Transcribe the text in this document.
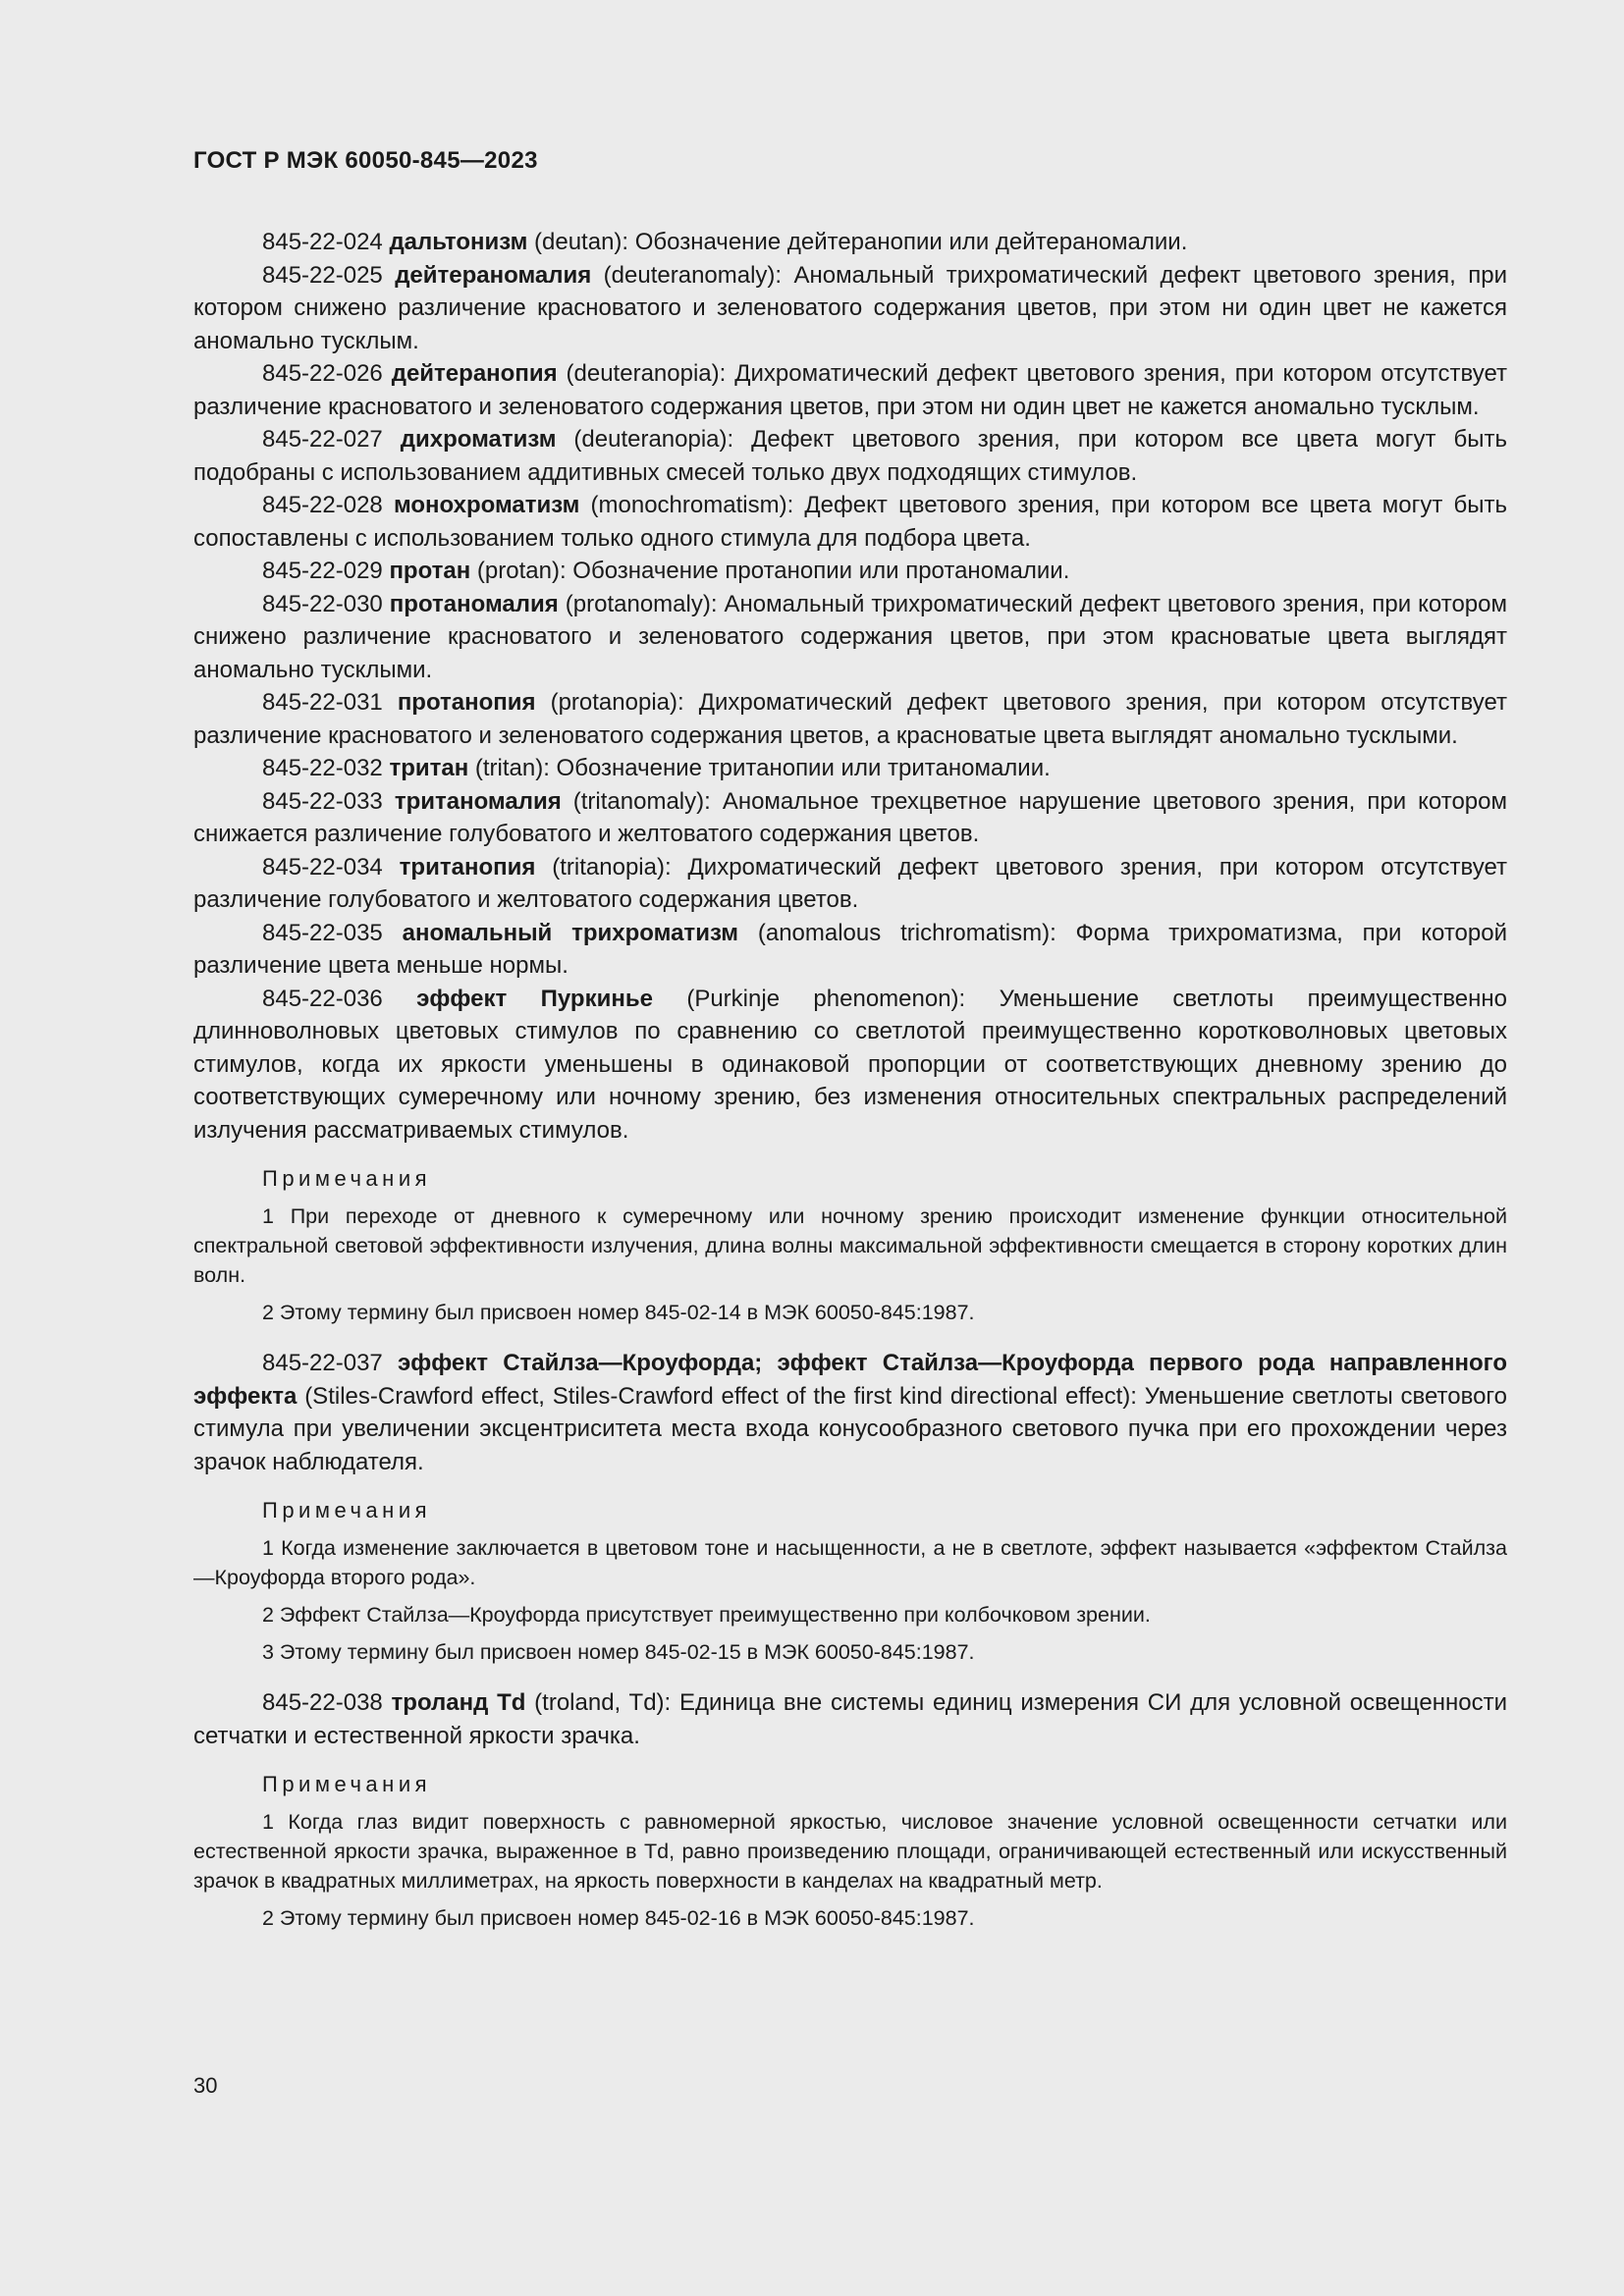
ГОСТ Р МЭК 60050-845—2023

845-22-024 дальтонизм (deutan): Обозначение дейтеранопии или дейтераномалии.

845-22-025 дейтераномалия (deuteranomaly): Аномальный трихроматический дефект цветового зрения, при котором снижено различение красноватого и зеленоватого содержания цветов, при этом ни один цвет не кажется аномально тусклым.

845-22-026 дейтеранопия (deuteranopia): Дихроматический дефект цветового зрения, при котором отсутствует различение красноватого и зеленоватого содержания цветов, при этом ни один цвет не кажется аномально тусклым.

845-22-027 дихроматизм (deuteranopia): Дефект цветового зрения, при котором все цвета могут быть подобраны с использованием аддитивных смесей только двух подходящих стимулов.

845-22-028 монохроматизм (monochromatism): Дефект цветового зрения, при котором все цвета могут быть сопоставлены с использованием только одного стимула для подбора цвета.

845-22-029 протан (protan): Обозначение протанопии или протаномалии.

845-22-030 протаномалия (protanomaly): Аномальный трихроматический дефект цветового зрения, при котором снижено различение красноватого и зеленоватого содержания цветов, при этом красноватые цвета выглядят аномально тусклыми.

845-22-031 протанопия (protanopia): Дихроматический дефект цветового зрения, при котором отсутствует различение красноватого и зеленоватого содержания цветов, а красноватые цвета выглядят аномально тусклыми.

845-22-032 тритан (tritan): Обозначение тританопии или тританомалии.

845-22-033 тританомалия (tritanomaly): Аномальное трехцветное нарушение цветового зрения, при котором снижается различение голубоватого и желтоватого содержания цветов.

845-22-034 тританопия (tritanopia): Дихроматический дефект цветового зрения, при котором отсутствует различение голубоватого и желтоватого содержания цветов.

845-22-035 аномальный трихроматизм (anomalous trichromatism): Форма трихроматизма, при которой различение цвета меньше нормы.

845-22-036 эффект Пуркинье (Purkinje phenomenon): Уменьшение светлоты преимущественно длинноволновых цветовых стимулов по сравнению со светлотой преимущественно коротковолновых цветовых стимулов, когда их яркости уменьшены в одинаковой пропорции от соответствующих дневному зрению до соответствующих сумеречному или ночному зрению, без изменения относительных спектральных распределений излучения рассматриваемых стимулов.

Примечания

1 При переходе от дневного к сумеречному или ночному зрению происходит изменение функции относительной спектральной световой эффективности излучения, длина волны максимальной эффективности смещается в сторону коротких длин волн.

2 Этому термину был присвоен номер 845-02-14 в МЭК 60050-845:1987.

845-22-037 эффект Стайлза—Кроуфорда; эффект Стайлза—Кроуфорда первого рода направленного эффекта (Stiles-Crawford effect, Stiles-Crawford effect of the first kind directional effect): Уменьшение светлоты светового стимула при увеличении эксцентриситета места входа конусообразного светового пучка при его прохождении через зрачок наблюдателя.

Примечания

1 Когда изменение заключается в цветовом тоне и насыщенности, а не в светлоте, эффект называется «эффектом Стайлза—Кроуфорда второго рода».

2 Эффект Стайлза—Кроуфорда присутствует преимущественно при колбочковом зрении.

3 Этому термину был присвоен номер 845-02-15 в МЭК 60050-845:1987.

845-22-038 троланд Td (troland, Td): Единица вне системы единиц измерения СИ для условной освещенности сетчатки и естественной яркости зрачка.

Примечания

1 Когда глаз видит поверхность с равномерной яркостью, числовое значение условной освещенности сетчатки или естественной яркости зрачка, выраженное в Td, равно произведению площади, ограничивающей естественный или искусственный зрачок в квадратных миллиметрах, на яркость поверхности в канделах на квадратный метр.

2 Этому термину был присвоен номер 845-02-16 в МЭК 60050-845:1987.

30
